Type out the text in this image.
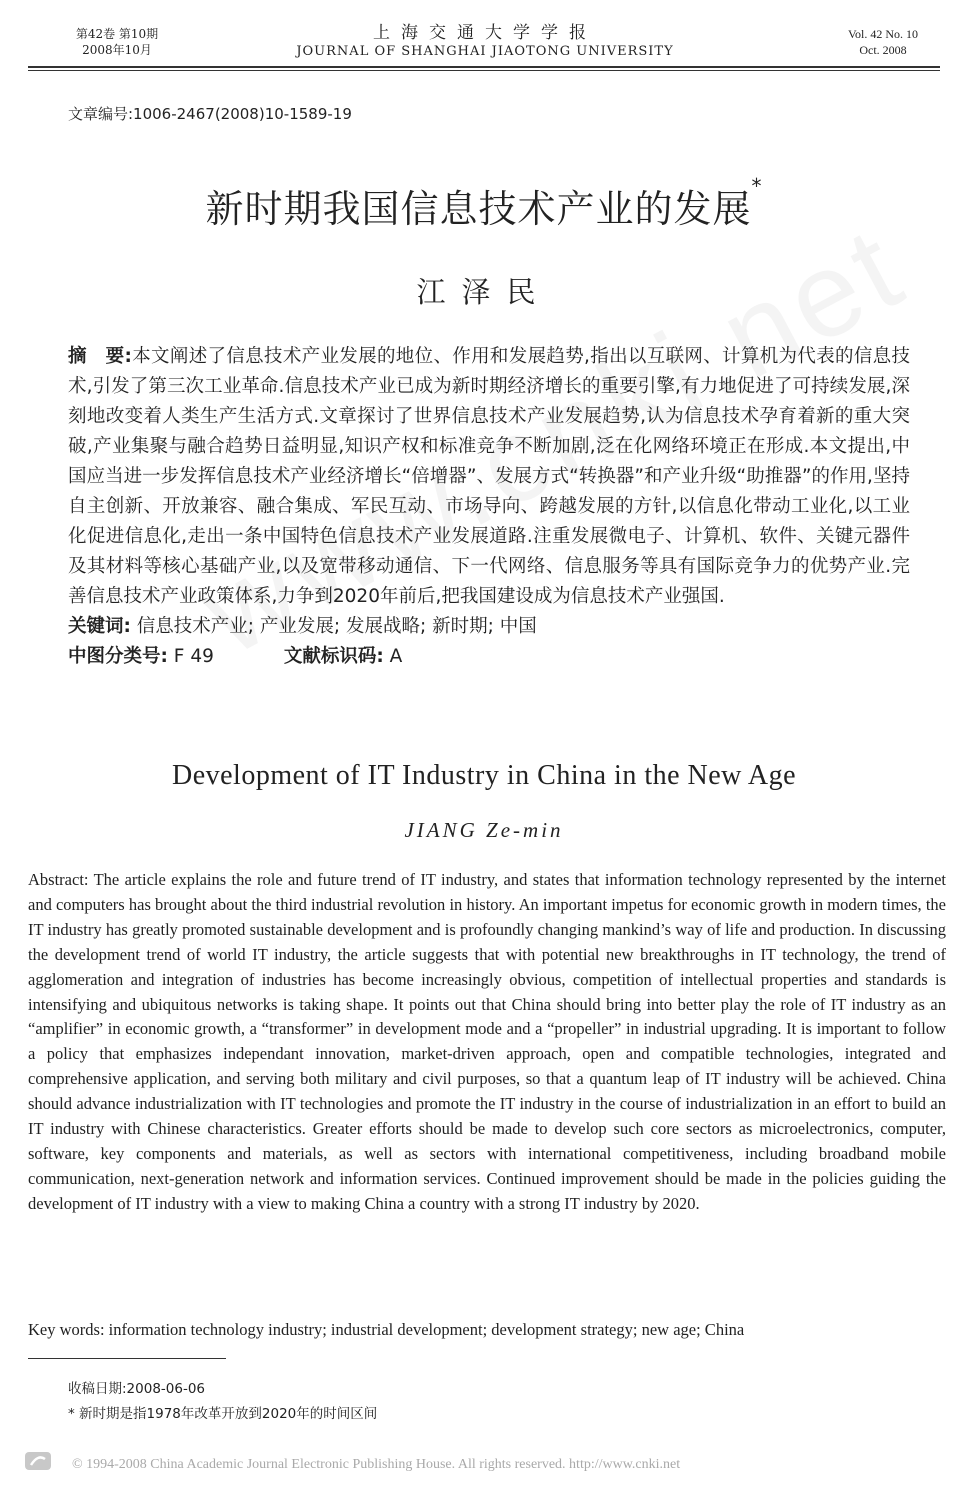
第42卷 第10期
2008年10月
上海交通大学学报
JOURNAL OF SHANGHAI JIAOTONG UNIVERSITY
Vol. 42 No. 10
Oct. 2008
文章编号:1006-2467(2008)10-1589-19
新时期我国信息技术产业的发展*
江泽民
摘　要:本文阐述了信息技术产业发展的地位、作用和发展趋势,指出以互联网、计算机为代表的信息技术,引发了第三次工业革命.信息技术产业已成为新时期经济增长的重要引擎,有力地促进了可持续发展,深刻地改变着人类生产生活方式.文章探讨了世界信息技术产业发展趋势,认为信息技术孕育着新的重大突破,产业集聚与融合趋势日益明显,知识产权和标准竞争不断加剧,泛在化网络环境正在形成.本文提出,中国应当进一步发挥信息技术产业经济增长“倍增器”、发展方式“转换器”和产业升级“助推器”的作用,坚持自主创新、开放兼容、融合集成、军民互动、市场导向、跨越发展的方针,以信息化带动工业化,以工业化促进信息化,走出一条中国特色信息技术产业发展道路.注重发展微电子、计算机、软件、关键元器件及其材料等核心基础产业,以及宽带移动通信、下一代网络、信息服务等具有国际竞争力的优势产业.完善信息技术产业政策体系,力争到2020年前后,把我国建设成为信息技术产业强国.
关键词: 信息技术产业; 产业发展; 发展战略; 新时期; 中国
中图分类号: F 49	文献标识码: A
Development of IT Industry in China in the New Age
JIANG Ze-min
Abstract: The article explains the role and future trend of IT industry, and states that information technology represented by the internet and computers has brought about the third industrial revolution in history. An important impetus for economic growth in modern times, the IT industry has greatly promoted sustainable development and is profoundly changing mankind’s way of life and production. In discussing the development trend of world IT industry, the article suggests that with potential new breakthroughs in IT technology, the trend of agglomeration and integration of industries has become increasingly obvious, competition of intellectual properties and standards is intensifying and ubiquitous networks is taking shape. It points out that China should bring into better play the role of IT industry as an “amplifier” in economic growth, a “transformer” in development mode and a “propeller” in industrial upgrading. It is important to follow a policy that emphasizes independant innovation, market-driven approach, open and compatible technologies, integrated and comprehensive application, and serving both military and civil purposes, so that a quantum leap of IT industry will be achieved. China should advance industrialization with IT technologies and promote the IT industry in the course of industrialization in an effort to build an IT industry with Chinese characteristics. Greater efforts should be made to develop such core sectors as microelectronics, computer, software, key components and materials, as well as sectors with international competitiveness, including broadband mobile communication, next-generation network and information services. Continued improvement should be made in the policies guiding the development of IT industry with a view to making China a country with a strong IT industry by 2020.
Key words: information technology industry; industrial development; development strategy; new age; China
收稿日期:2008-06-06
* 新时期是指1978年改革开放到2020年的时间区间
© 1994-2008 China Academic Journal Electronic Publishing House. All rights reserved. http://www.cnki.net
